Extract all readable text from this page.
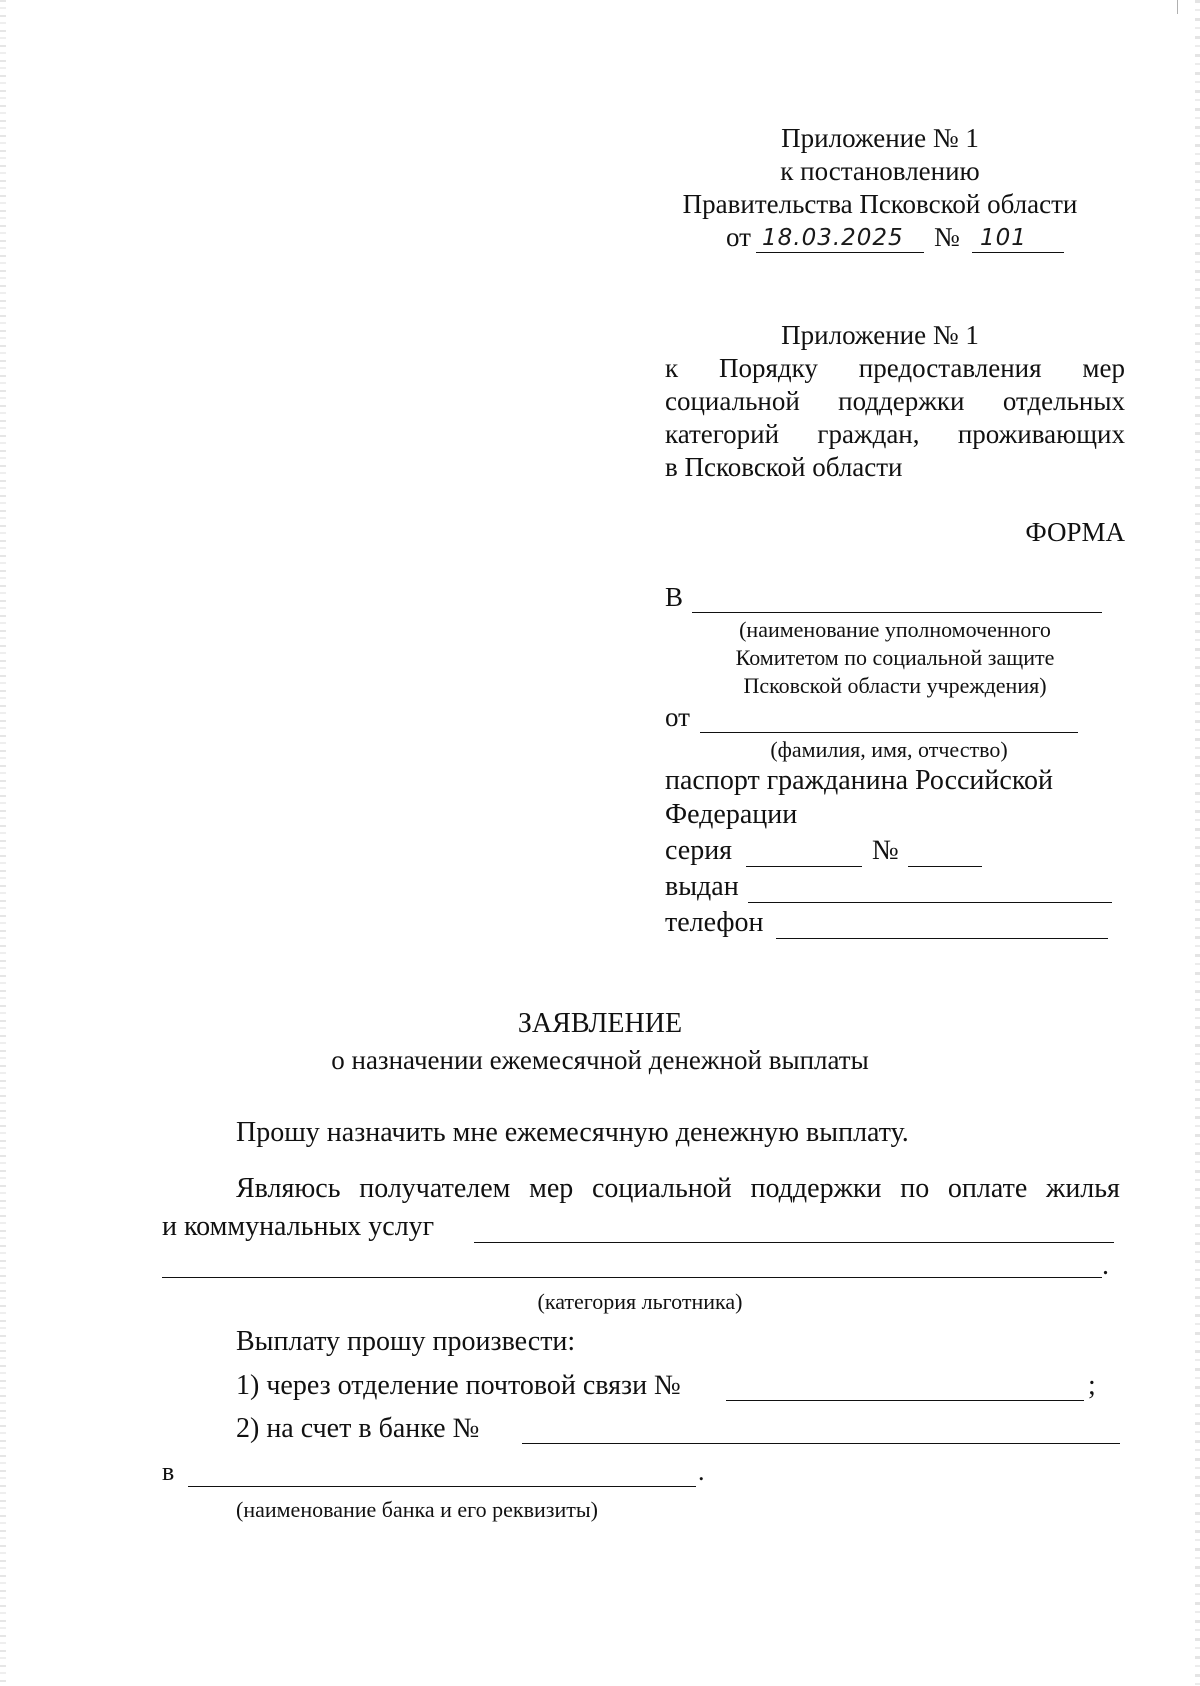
Приложение № 1
к постановлению
Правительства Псковской области
от 18.03.2025 № 101
Приложение № 1
к Порядку предоставления мер
социальной поддержки отдельных
категорий граждан, проживающих
в Псковской области
ФОРМА
В
(наименование уполномоченного
Комитетом по социальной защите
Псковской области учреждения)
от
(фамилия, имя, отчество)
паспорт гражданина Российской
Федерации
серия	№
выдан
телефон
ЗАЯВЛЕНИЕ
о назначении ежемесячной денежной выплаты
Прошу назначить мне ежемесячную денежную выплату.
Являюсь получателем мер социальной поддержки по оплате жилья
и коммунальных услуг
.
(категория льготника)
Выплату прошу произвести:
1) через отделение почтовой связи №	;
2) на счет в банке №
в	.
(наименование банка и его реквизиты)
